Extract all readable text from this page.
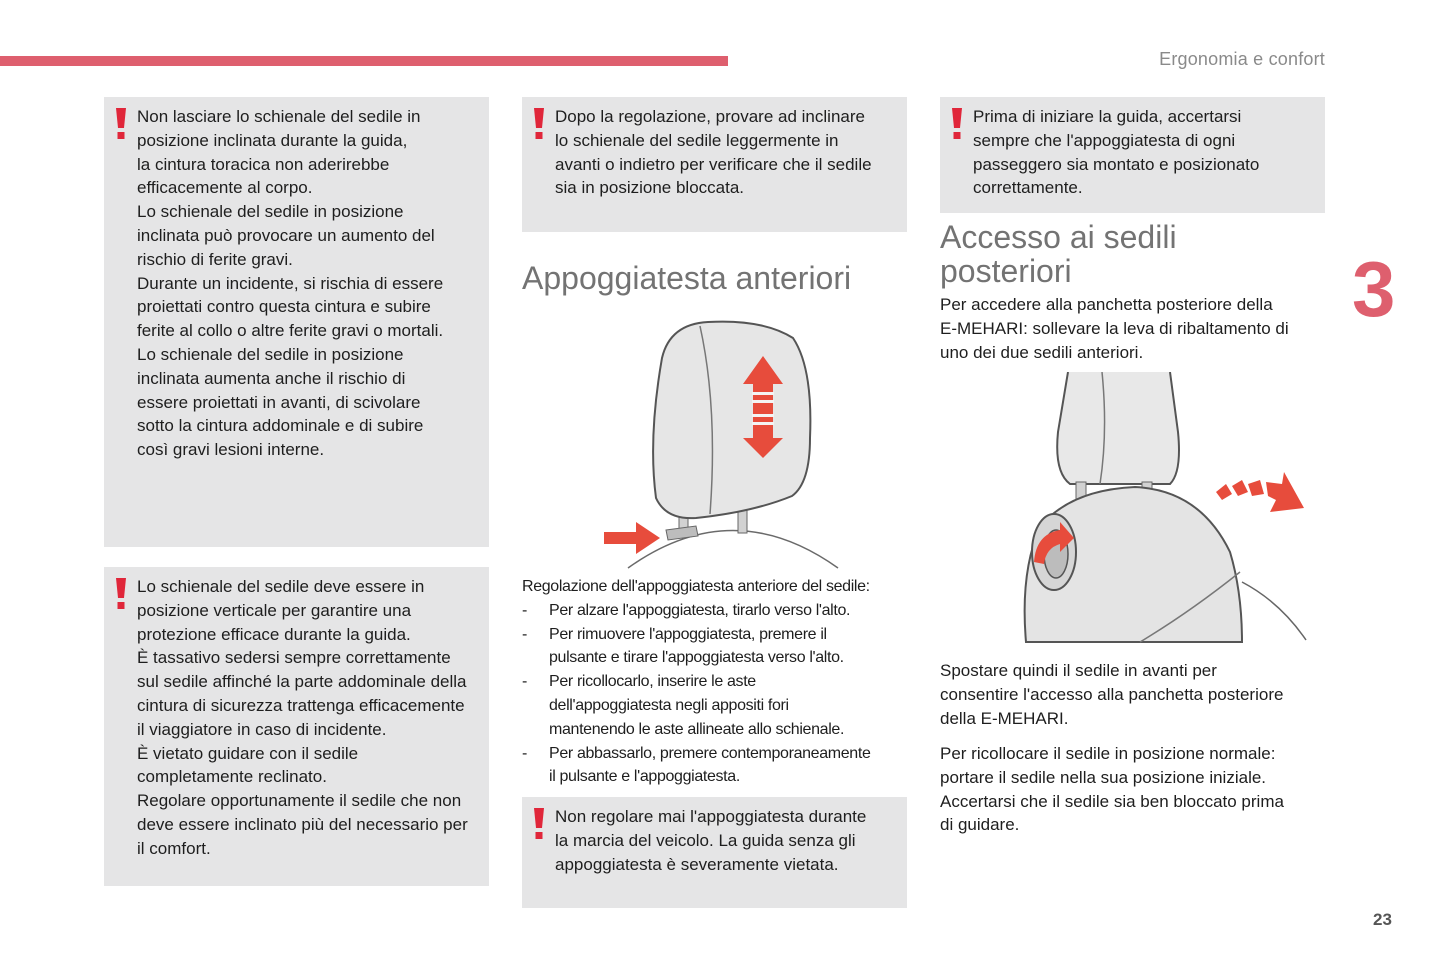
Ergonomia e confort
3
23

Non lasciare lo schienale del sedile in
posizione inclinata durante la guida,
la cintura toracica non aderirebbe
efficacemente al corpo.
Lo schienale del sedile in posizione
inclinata può provocare un aumento del
rischio di ferite gravi.
Durante un incidente, si rischia di essere
proiettati contro questa cintura e subire
ferite al collo o altre ferite gravi o mortali.
Lo schienale del sedile in posizione
inclinata aumenta anche il rischio di
essere proiettati in avanti, di scivolare
sotto la cintura addominale e di subire
così gravi lesioni interne.

Lo schienale del sedile deve essere in
posizione verticale per garantire una
protezione efficace durante la guida.
È tassativo sedersi sempre correttamente
sul sedile affinché la parte addominale della
cintura di sicurezza trattenga efficacemente
il viaggiatore in caso di incidente.
È vietato guidare con il sedile
completamente reclinato.
Regolare opportunamente il sedile che non
deve essere inclinato più del necessario per
il comfort.

Dopo la regolazione, provare ad inclinare
lo schienale del sedile leggermente in
avanti o indietro per verificare che il sedile
sia in posizione bloccata.

Appoggiatesta anteriori

Regolazione dell'appoggiatesta anteriore del sedile:

- Per alzare l'appoggiatesta, tirarlo verso l'alto.
- Per rimuovere l'appoggiatesta, premere il
pulsante e tirare l'appoggiatesta verso l'alto.
- Per ricollocarlo, inserire le aste
dell'appoggiatesta negli appositi fori
mantenendo le aste allineate allo schienale.
- Per abbassarlo, premere contemporaneamente
il pulsante e l'appoggiatesta.

Non regolare mai l'appoggiatesta durante
la marcia del veicolo. La guida senza gli
appoggiatesta è severamente vietata.

Prima di iniziare la guida, accertarsi
sempre che l'appoggiatesta di ogni
passeggero sia montato e posizionato
correttamente.

Accesso ai sedili
posteriori

Per accedere alla panchetta posteriore della
E-MEHARI: sollevare la leva di ribaltamento di
uno dei due sedili anteriori.

Spostare quindi il sedile in avanti per
consentire l'accesso alla panchetta posteriore
della E-MEHARI.

Per ricollocare il sedile in posizione normale:
portare il sedile nella sua posizione iniziale.
Accertarsi che il sedile sia ben bloccato prima
di guidare.
